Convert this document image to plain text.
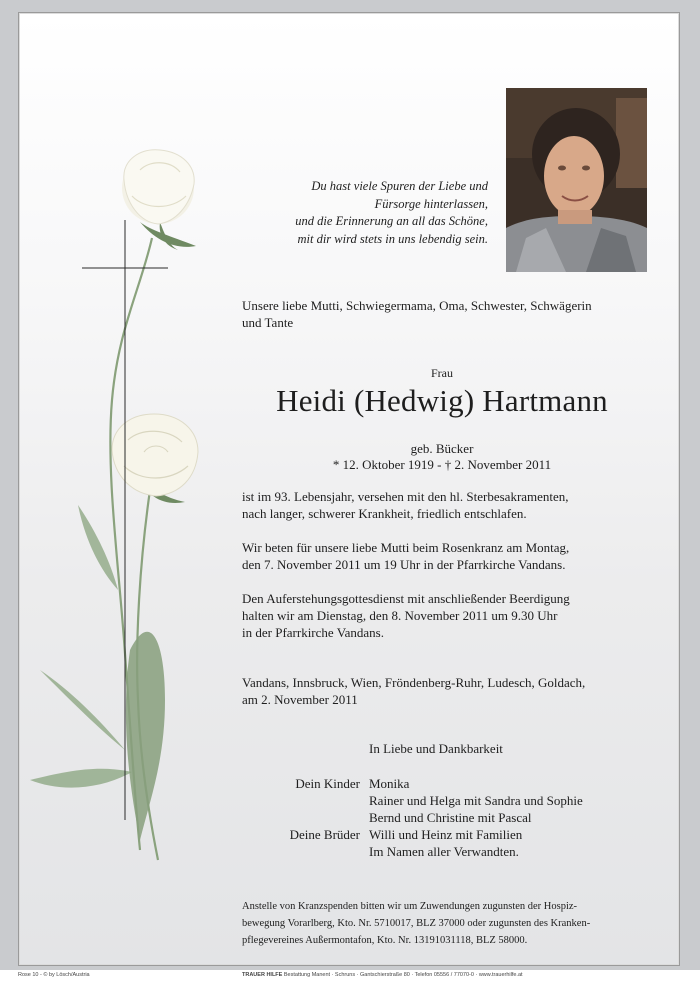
Du hast viele Spuren der Liebe und
Fürsorge hinterlassen,
und die Erinnerung an all das Schöne,
mit dir wird stets in uns lebendig sein.
Unsere liebe Mutti, Schwiegermama, Oma, Schwester, Schwägerin
und Tante
Frau
Heidi (Hedwig) Hartmann
geb. Bücker
* 12. Oktober 1919 - † 2. November 2011
ist im 93. Lebensjahr, versehen mit den hl. Sterbesakramenten,
nach langer, schwerer Krankheit, friedlich entschlafen.
Wir beten für unsere liebe Mutti beim Rosenkranz am Montag,
den 7. November 2011 um 19 Uhr in der Pfarrkirche Vandans.
Den Auferstehungsgottesdienst mit anschließender Beerdigung
halten wir am Dienstag, den 8. November 2011 um 9.30 Uhr
in der Pfarrkirche Vandans.
Vandans, Innsbruck, Wien, Fröndenberg-Ruhr, Ludesch, Goldach,
am 2. November 2011
In Liebe und Dankbarkeit
Dein Kinder Monika
Rainer und Helga mit Sandra und Sophie
Bernd und Christine mit Pascal
Deine Brüder Willi und Heinz mit Familien
Im Namen aller Verwandten.
Anstelle von Kranzspenden bitten wir um Zuwendungen zugunsten der Hospiz-
bewegung Vorarlberg, Kto. Nr. 5710017, BLZ 37000 oder zugunsten des Kranken-
pflegevereines Außermontafon, Kto. Nr. 13191031118, BLZ 58000.
Rose 10 - © by Lösch/Austria	TRAUER HILFE Bestattung Manent · Schruns · Gantschierstraße 80 · Telefon 05556 / 77070-0 · www.trauerhilfe.at
